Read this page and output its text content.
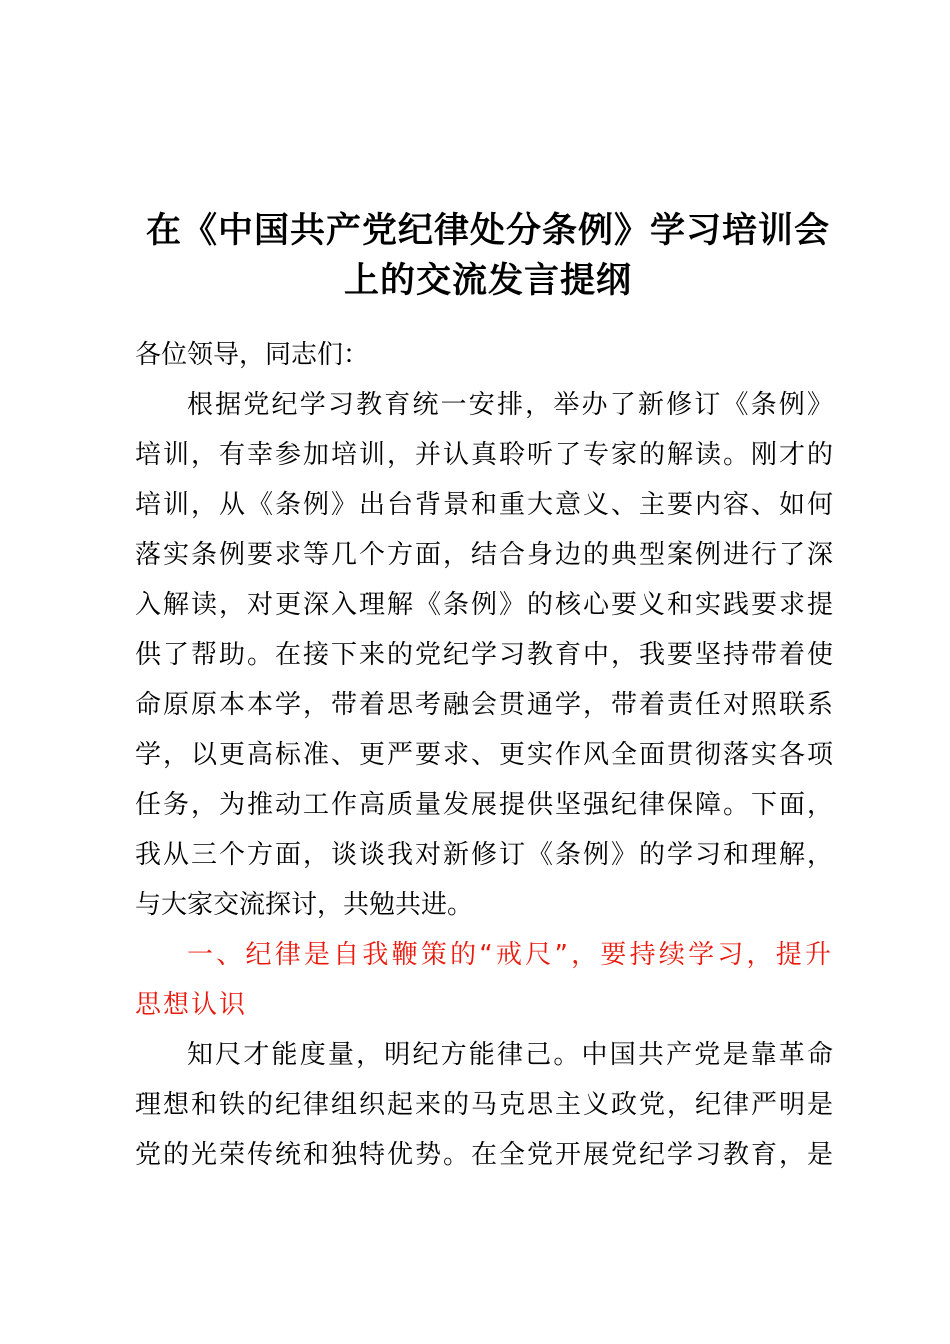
在《中国共产党纪律处分条例》学习培训会
上的交流发言提纲
各位领导，同志们：
根据党纪学习教育统一安排，举办了新修订《条例》
培训，有幸参加培训，并认真聆听了专家的解读。刚才的
培训，从《条例》出台背景和重大意义、主要内容、如何
落实条例要求等几个方面，结合身边的典型案例进行了深
入解读，对更深入理解《条例》的核心要义和实践要求提
供了帮助。在接下来的党纪学习教育中，我要坚持带着使
命原原本本学，带着思考融会贯通学，带着责任对照联系
学，以更高标准、更严要求、更实作风全面贯彻落实各项
任务，为推动工作高质量发展提供坚强纪律保障。下面，
我从三个方面，谈谈我对新修订《条例》的学习和理解，
与大家交流探讨，共勉共进。
一、纪律是自我鞭策的“戒尺”，要持续学习，提升
思想认识
知尺才能度量，明纪方能律己。中国共产党是靠革命
理想和铁的纪律组织起来的马克思主义政党，纪律严明是
党的光荣传统和独特优势。在全党开展党纪学习教育，是
